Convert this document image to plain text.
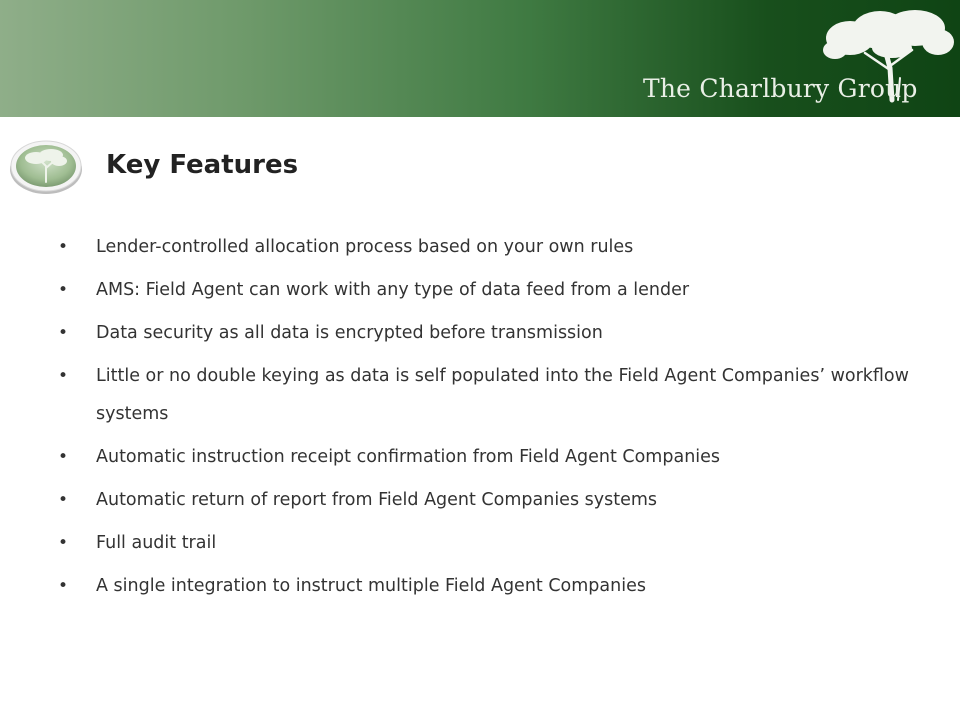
The Charlbury Group
Key Features
• Lender-controlled allocation process based on your own rules
• AMS: Field Agent can work with any type of data feed from a lender
• Data security as all data is encrypted before transmission
• Little or no double keying as data is self populated into the Field Agent Companies’ workflow systems
• Automatic instruction receipt confirmation from Field Agent Companies
• Automatic return of report from Field Agent Companies systems
• Full audit trail
• A single integration to instruct multiple Field Agent Companies
